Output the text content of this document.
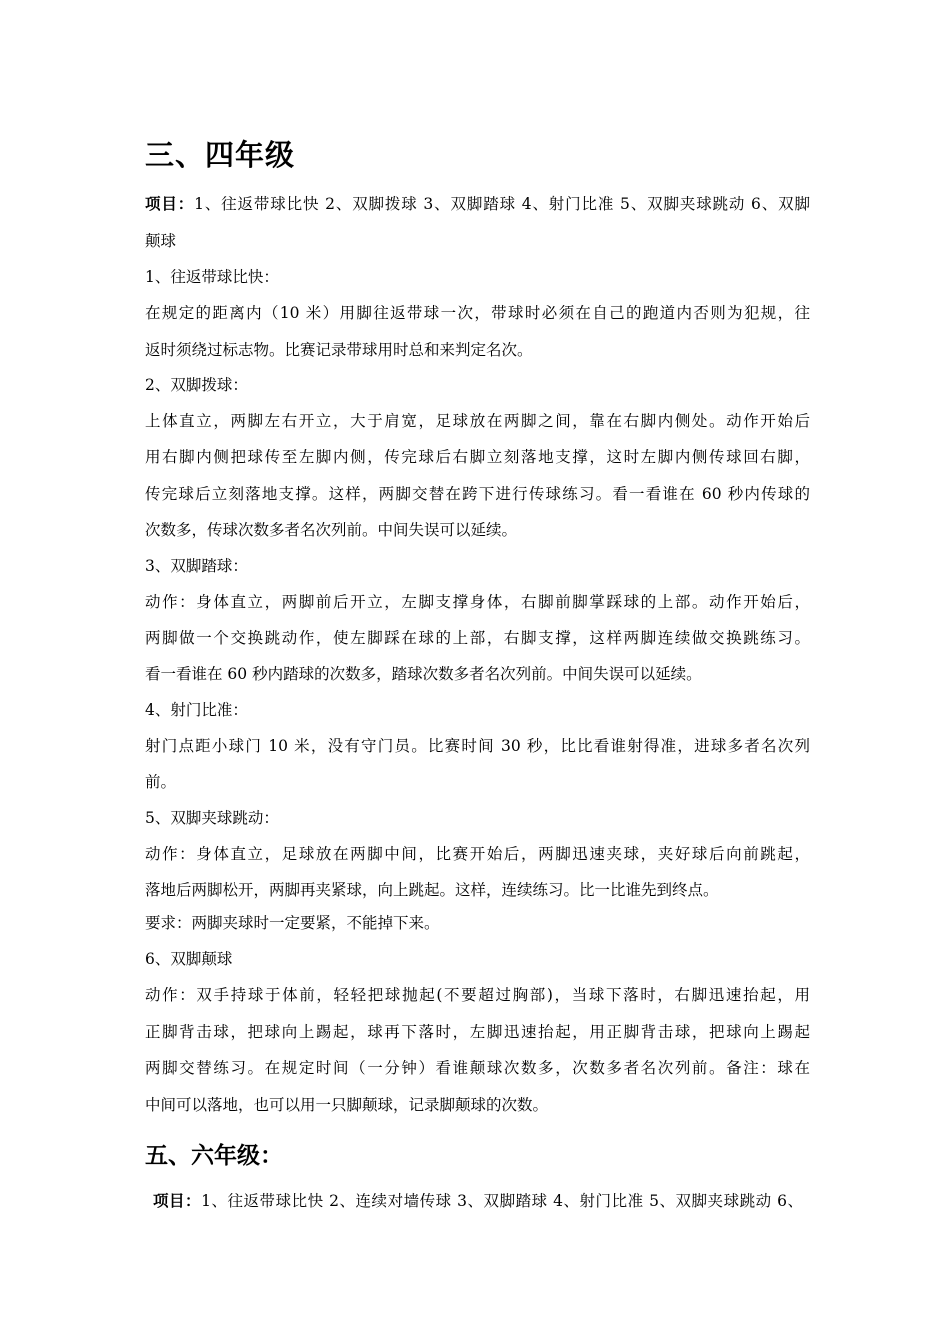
三、四年级
项目：1、往返带球比快 2、双脚拨球 3、双脚踏球 4、射门比准 5、双脚夹球跳动 6、双脚
颠球
1、往返带球比快：
在规定的距离内（10 米）用脚往返带球一次，带球时必须在自己的跑道内否则为犯规，往
返时须绕过标志物。比赛记录带球用时总和来判定名次。
2、双脚拨球：
上体直立，两脚左右开立，大于肩宽，足球放在两脚之间，靠在右脚内侧处。动作开始后
用右脚内侧把球传至左脚内侧，传完球后右脚立刻落地支撑，这时左脚内侧传球回右脚，
传完球后立刻落地支撑。这样，两脚交替在跨下进行传球练习。看一看谁在 60 秒内传球的
次数多，传球次数多者名次列前。中间失误可以延续。
3、双脚踏球：
动作：身体直立，两脚前后开立，左脚支撑身体，右脚前脚掌踩球的上部。动作开始后，
两脚做一个交换跳动作，使左脚踩在球的上部，右脚支撑，这样两脚连续做交换跳练习。
看一看谁在 60 秒内踏球的次数多，踏球次数多者名次列前。中间失误可以延续。
4、射门比准：
射门点距小球门 10 米，没有守门员。比赛时间 30 秒，比比看谁射得准，进球多者名次列
前。
5、双脚夹球跳动：
动作：身体直立，足球放在两脚中间，比赛开始后，两脚迅速夹球，夹好球后向前跳起，
落地后两脚松开，两脚再夹紧球，向上跳起。这样，连续练习。比一比谁先到终点。
要求：两脚夹球时一定要紧，不能掉下来。
6、双脚颠球
动作：双手持球于体前，轻轻把球抛起(不要超过胸部)，当球下落时，右脚迅速抬起，用
正脚背击球，把球向上踢起，球再下落时，左脚迅速抬起，用正脚背击球，把球向上踢起
两脚交替练习。在规定时间（一分钟）看谁颠球次数多，次数多者名次列前。备注：球在
中间可以落地，也可以用一只脚颠球，记录脚颠球的次数。
五、六年级：
项目：1、往返带球比快 2、连续对墙传球 3、双脚踏球 4、射门比准 5、双脚夹球跳动 6、
